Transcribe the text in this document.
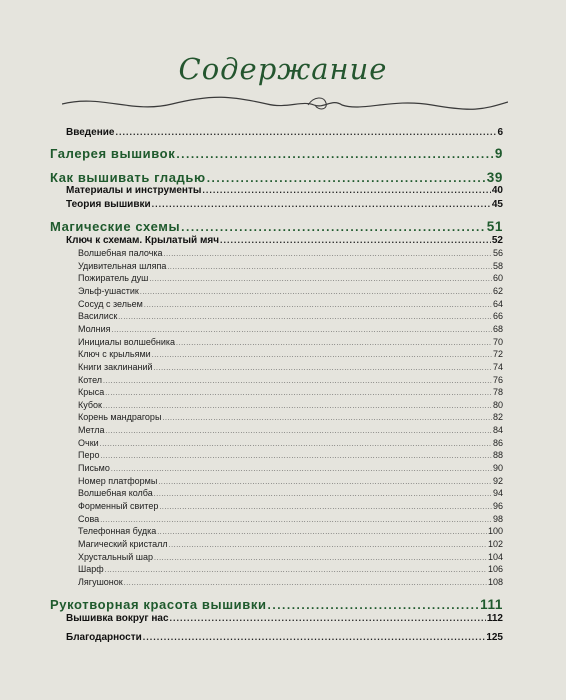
Содержание
Введение .....	6
Галерея вышивок .....	9
Как вышивать гладью .....	39
Материалы и инструменты .....	40
Теория вышивки .....	45
Магические схемы .....	51
Ключ к схемам. Крылатый мяч .....	52
Волшебная палочка .....	56
Удивительная шляпа .....	58
Пожиратель душ .....	60
Эльф-ушастик .....	62
Сосуд с зельем .....	64
Василиск .....	66
Молния .....	68
Инициалы волшебника .....	70
Ключ с крыльями .....	72
Книги заклинаний .....	74
Котел .....	76
Крыса .....	78
Кубок .....	80
Корень мандрагоры .....	82
Метла .....	84
Очки .....	86
Перо .....	88
Письмо .....	90
Номер платформы .....	92
Волшебная колба .....	94
Форменный свитер .....	96
Сова .....	98
Телефонная будка .....	100
Магический кристалл .....	102
Хрустальный шар .....	104
Шарф .....	106
Лягушонок .....	108
Рукотворная красота вышивки .....	111
Вышивка вокруг нас .....	112
Благодарности .....	125
